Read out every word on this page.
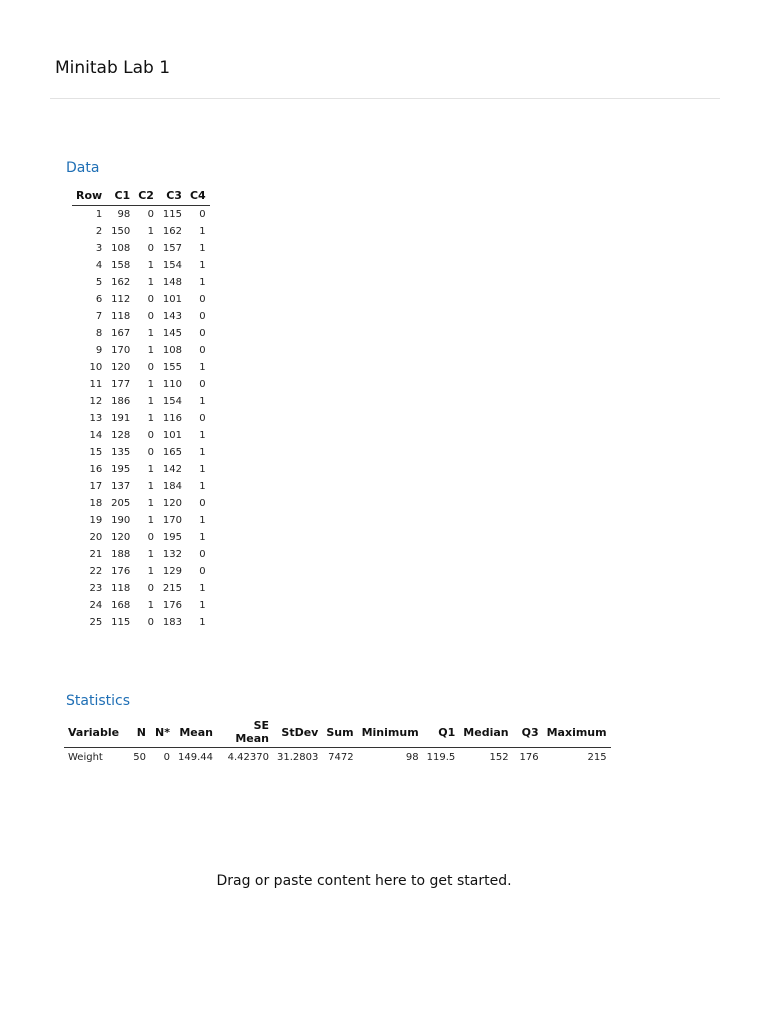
Minitab Lab 1
Data
Row	C1	C2	C3	C4
1	98	0	115	0
2	150	1	162	1
3	108	0	157	1
4	158	1	154	1
5	162	1	148	1
6	112	0	101	0
7	118	0	143	0
8	167	1	145	0
9	170	1	108	0
10	120	0	155	1
11	177	1	110	0
12	186	1	154	1
13	191	1	116	0
14	128	0	101	1
15	135	0	165	1
16	195	1	142	1
17	137	1	184	1
18	205	1	120	0
19	190	1	170	1
20	120	0	195	1
21	188	1	132	0
22	176	1	129	0
23	118	0	215	1
24	168	1	176	1
25	115	0	183	1
Statistics
Variable	N	N*	Mean	SE Mean	StDev	Sum	Minimum	Q1	Median	Q3	Maximum
Weight	50	0	149.44	4.42370	31.2803	7472	98	119.5	152	176	215
Drag or paste content here to get started.
